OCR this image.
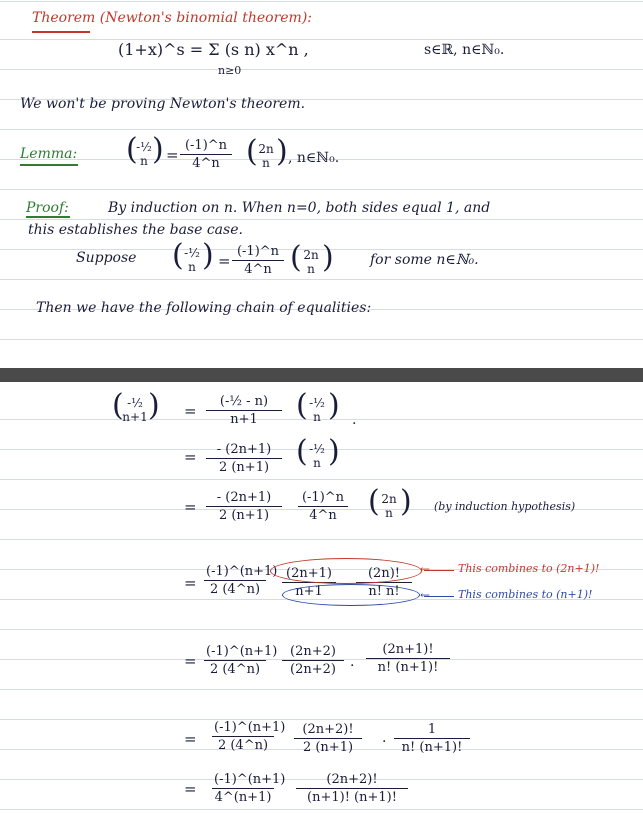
Theorem (Newton's binomial theorem):
(1+x)^s = Σ (s n) x^n ,
n≥0
s∈ℝ, n∈ℕ₀.
We won't be proving Newton's theorem.
Lemma: (
-½
n ) = $\frac{(-1)\^{}n}{4\^{}n}$ ( 2n
n ) , n∈ℕ₀.
Proof:	By induction on n. When n=0, both sides equal 1, and
this establishes the base case.
Suppose ( -½
n ) = $\frac{(-1)\^{}n}{4\^{}n}$ ( 2n
n )	for some n∈ℕ₀.
Then we have the following chain of equalities:
( -½
n+1 ) = $\frac{\text{(-½ - n)}}{n+1}$ ( -½
n ) .
= $\frac{- (2n+1)}{2 (n+1)}$ ( -½
n )
= $\frac{- (2n+1)}{2 (n+1)} \frac{(-1)\^{}n}{4\^{}n}$ ( 2n
n ) (by induction hypothesis)
= $\frac{(-1)\^{}(n+1)}{2 (4\^{}n)} \frac{(2n+1)}{n+1} \frac{(2n)!}{n! n!}$ ←	This combines to (2n+1)!
←	This combines to (n+1)!
= $\frac{(-1)\^{}(n+1)}{2 (4\^{}n)} \frac{(2n+2)}{(2n+2)}$ . $\frac{(2n+1)!}{n! (n+1)!}$
= $\frac{(-1)\^{}(n+1)}{2 (4\^{}n)} \frac{(2n+2)!}{2 (n+1)}$ . $\frac{1}{n! (n+1)!}$
= $\frac{(-1)\^{}(n+1)}{4\^{}(n+1)} \frac{(2n+2)!}{(n+1)! (n+1)!}$
